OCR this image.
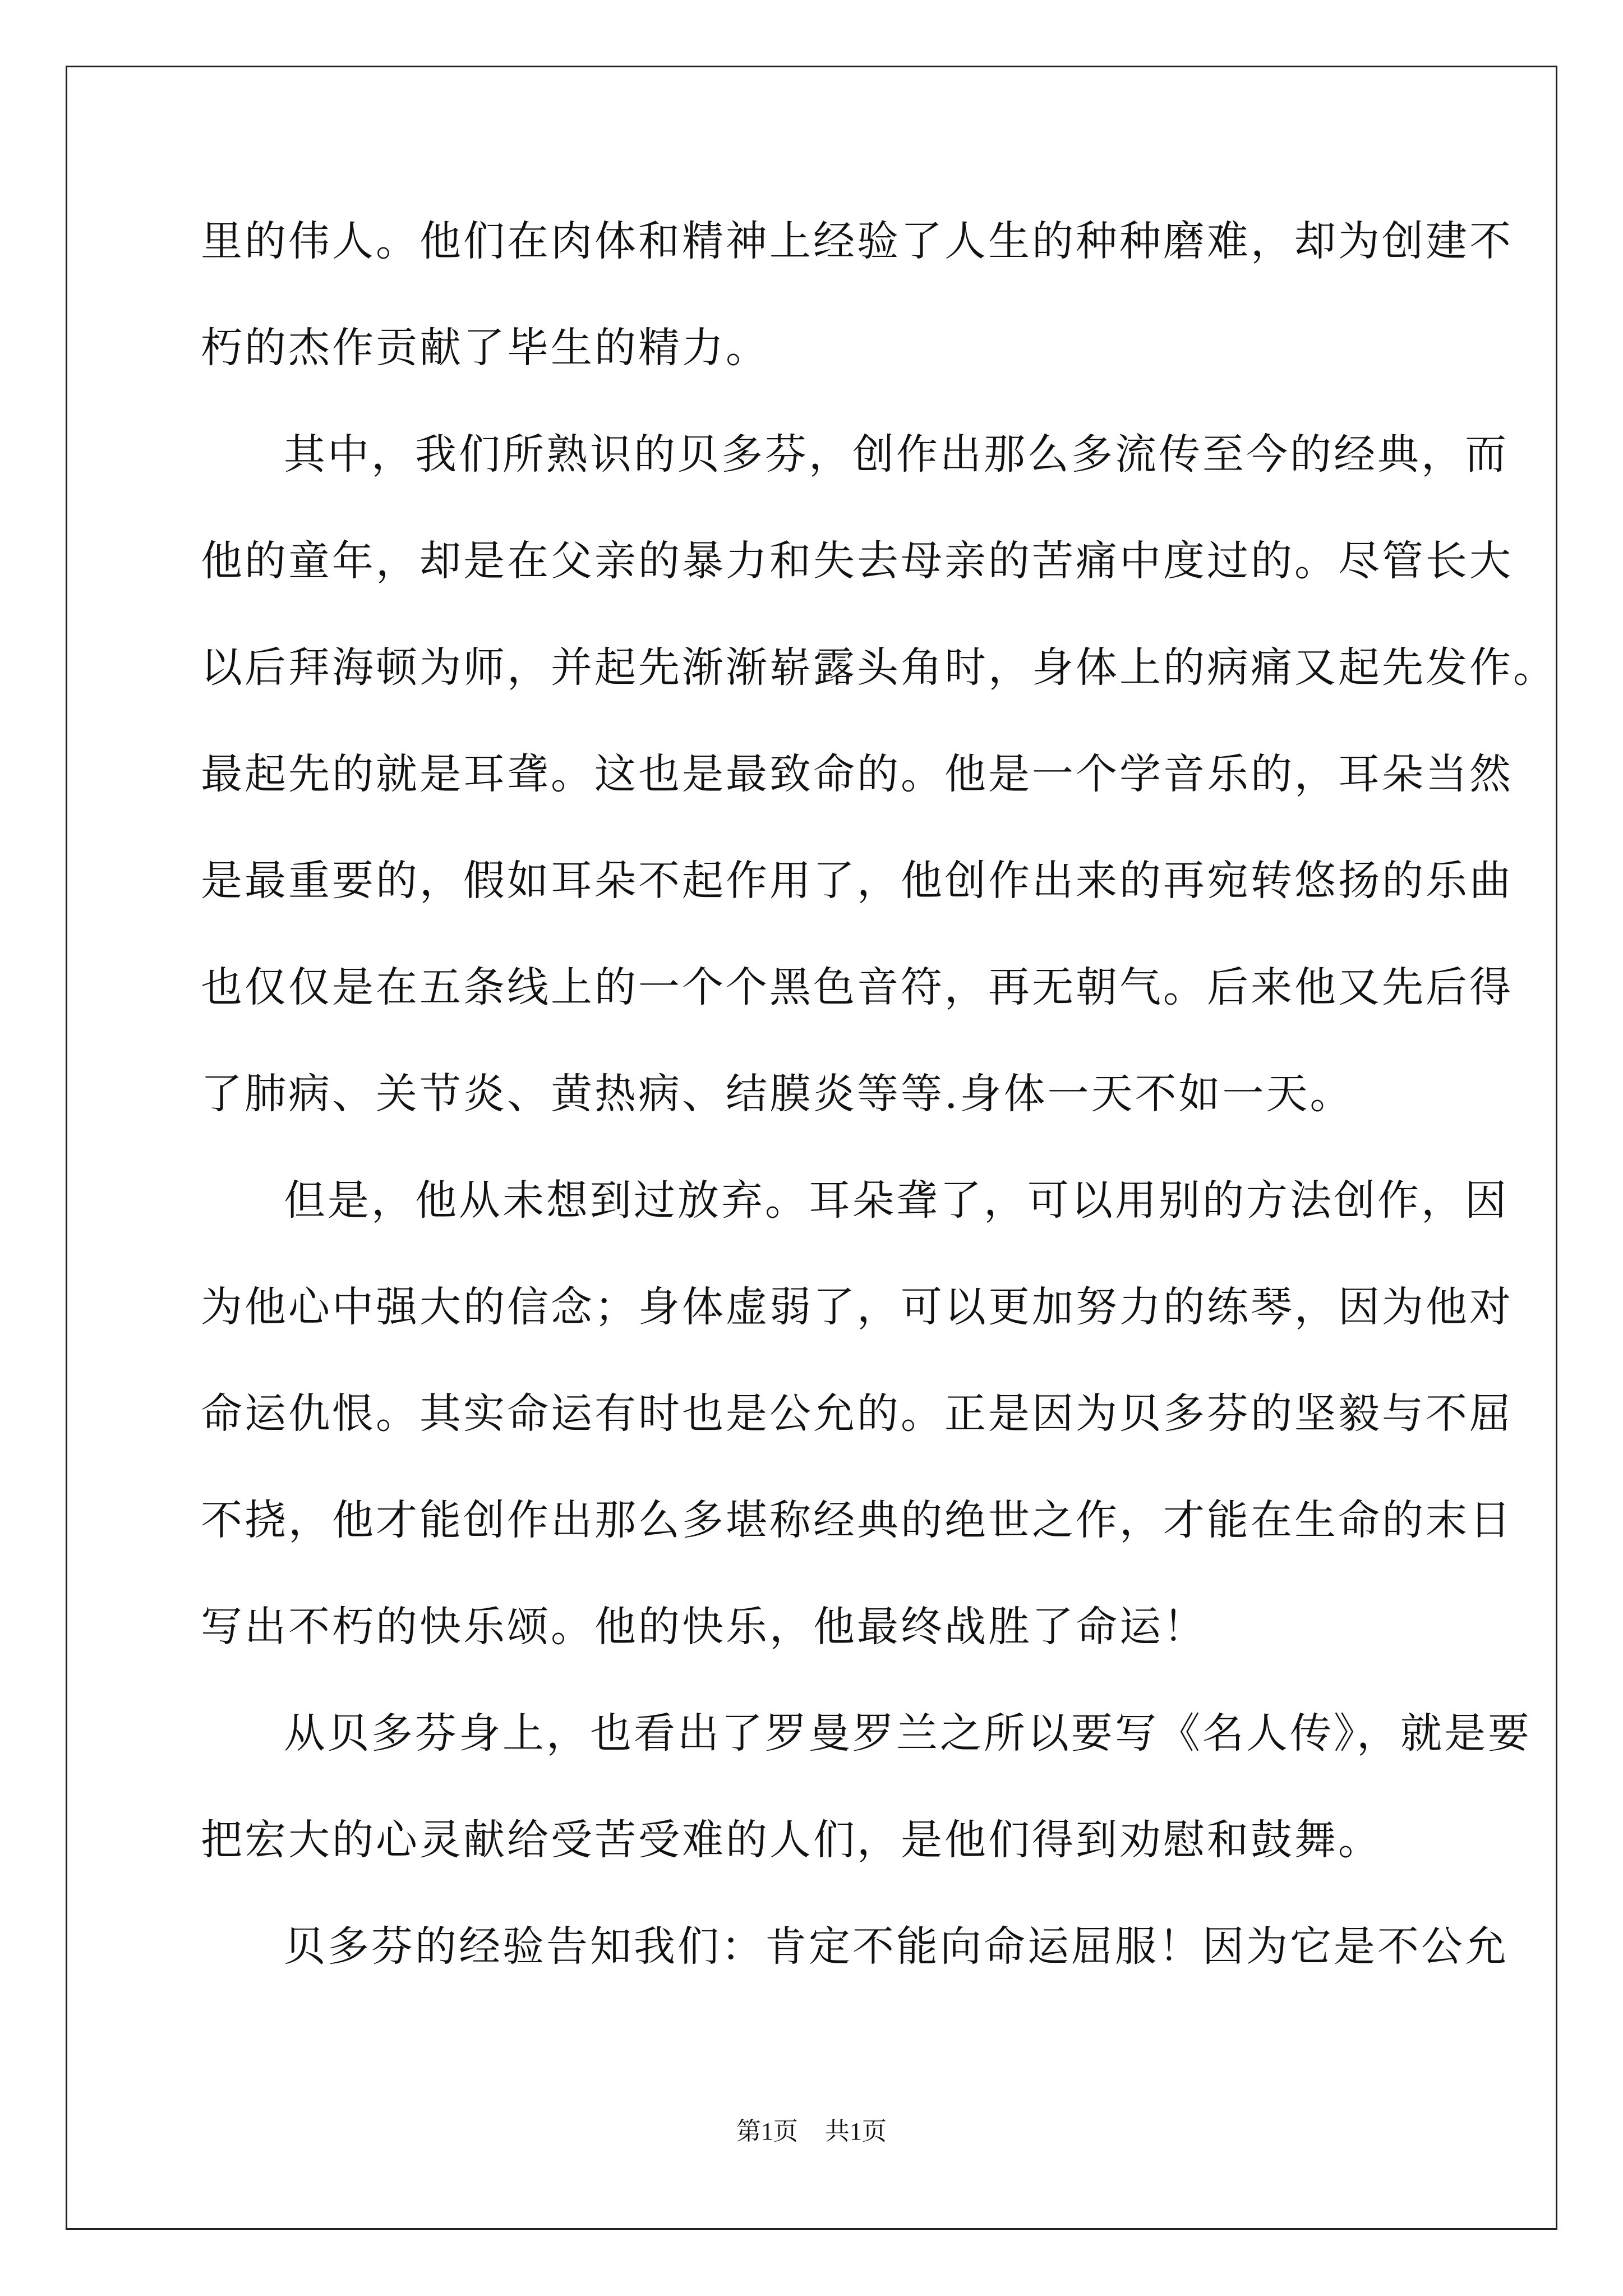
里的伟人。他们在肉体和精神上经验了人生的种种磨难，却为创建不
朽的杰作贡献了毕生的精力。
其中，我们所熟识的贝多芬，创作出那么多流传至今的经典，而
他的童年，却是在父亲的暴力和失去母亲的苦痛中度过的。尽管长大
以后拜海顿为师，并起先渐渐崭露头角时，身体上的病痛又起先发作。
最起先的就是耳聋。这也是最致命的。他是一个学音乐的，耳朵当然
是最重要的，假如耳朵不起作用了，他创作出来的再宛转悠扬的乐曲
也仅仅是在五条线上的一个个黑色音符，再无朝气。后来他又先后得
了肺病、关节炎、黄热病、结膜炎等等.身体一天不如一天。
但是，他从未想到过放弃。耳朵聋了，可以用别的方法创作，因
为他心中强大的信念；身体虚弱了，可以更加努力的练琴，因为他对
命运仇恨。其实命运有时也是公允的。正是因为贝多芬的坚毅与不屈
不挠，他才能创作出那么多堪称经典的绝世之作，才能在生命的末日
写出不朽的快乐颂。他的快乐，他最终战胜了命运！
从贝多芬身上，也看出了罗曼罗兰之所以要写《名人传》，就是要
把宏大的心灵献给受苦受难的人们，是他们得到劝慰和鼓舞。
贝多芬的经验告知我们：肯定不能向命运屈服！因为它是不公允
第1页 共1页
